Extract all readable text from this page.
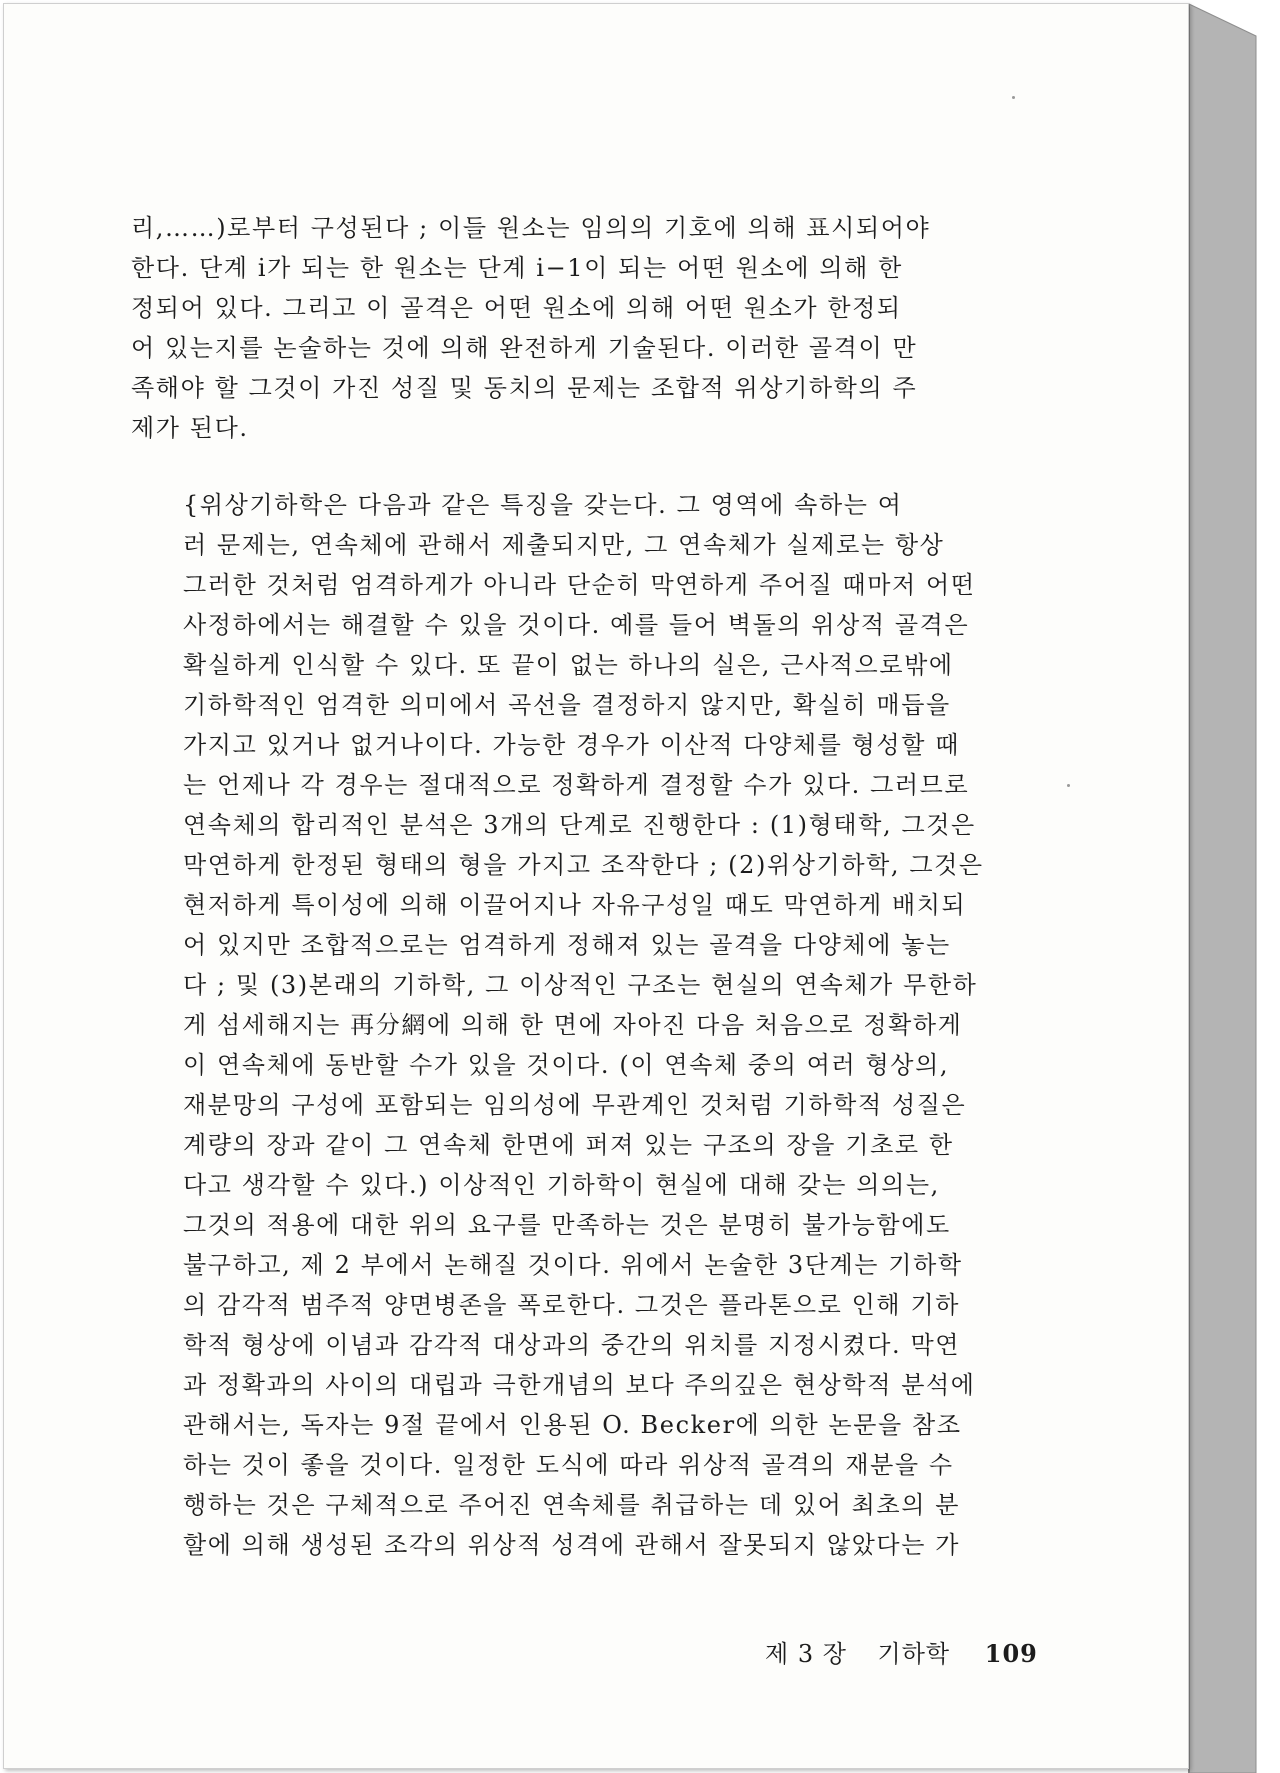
리,……)로부터 구성된다 ; 이들 원소는 임의의 기호에 의해 표시되어야
한다. 단계 i가 되는 한 원소는 단계 i−1이 되는 어떤 원소에 의해 한
정되어 있다. 그리고 이 골격은 어떤 원소에 의해 어떤 원소가 한정되
어 있는지를 논술하는 것에 의해 완전하게 기술된다. 이러한 골격이 만
족해야 할 그것이 가진 성질 및 동치의 문제는 조합적 위상기하학의 주
제가 된다.
{위상기하학은 다음과 같은 특징을 갖는다. 그 영역에 속하는 여
러 문제는, 연속체에 관해서 제출되지만, 그 연속체가 실제로는 항상
그러한 것처럼 엄격하게가 아니라 단순히 막연하게 주어질 때마저 어떤
사정하에서는 해결할 수 있을 것이다. 예를 들어 벽돌의 위상적 골격은
확실하게 인식할 수 있다. 또 끝이 없는 하나의 실은, 근사적으로밖에
기하학적인 엄격한 의미에서 곡선을 결정하지 않지만, 확실히 매듭을
가지고 있거나 없거나이다. 가능한 경우가 이산적 다양체를 형성할 때
는 언제나 각 경우는 절대적으로 정확하게 결정할 수가 있다. 그러므로
연속체의 합리적인 분석은 3개의 단계로 진행한다 : (1)형태학, 그것은
막연하게 한정된 형태의 형을 가지고 조작한다 ; (2)위상기하학, 그것은
현저하게 특이성에 의해 이끌어지나 자유구성일 때도 막연하게 배치되
어 있지만 조합적으로는 엄격하게 정해져 있는 골격을 다양체에 놓는
다 ; 및 (3)본래의 기하학, 그 이상적인 구조는 현실의 연속체가 무한하
게 섬세해지는 再分網에 의해 한 면에 자아진 다음 처음으로 정확하게
이 연속체에 동반할 수가 있을 것이다. (이 연속체 중의 여러 형상의,
재분망의 구성에 포함되는 임의성에 무관계인 것처럼 기하학적 성질은
계량의 장과 같이 그 연속체 한면에 퍼져 있는 구조의 장을 기초로 한
다고 생각할 수 있다.) 이상적인 기하학이 현실에 대해 갖는 의의는,
그것의 적용에 대한 위의 요구를 만족하는 것은 분명히 불가능함에도
불구하고, 제 2 부에서 논해질 것이다. 위에서 논술한 3단계는 기하학
의 감각적 범주적 양면병존을 폭로한다. 그것은 플라톤으로 인해 기하
학적 형상에 이념과 감각적 대상과의 중간의 위치를 지정시켰다. 막연
과 정확과의 사이의 대립과 극한개념의 보다 주의깊은 현상학적 분석에
관해서는, 독자는 9절 끝에서 인용된 O. Becker에 의한 논문을 참조
하는 것이 좋을 것이다. 일정한 도식에 따라 위상적 골격의 재분을 수
행하는 것은 구체적으로 주어진 연속체를 취급하는 데 있어 최초의 분
할에 의해 생성된 조각의 위상적 성격에 관해서 잘못되지 않았다는 가
제 3 장 기하학 109
